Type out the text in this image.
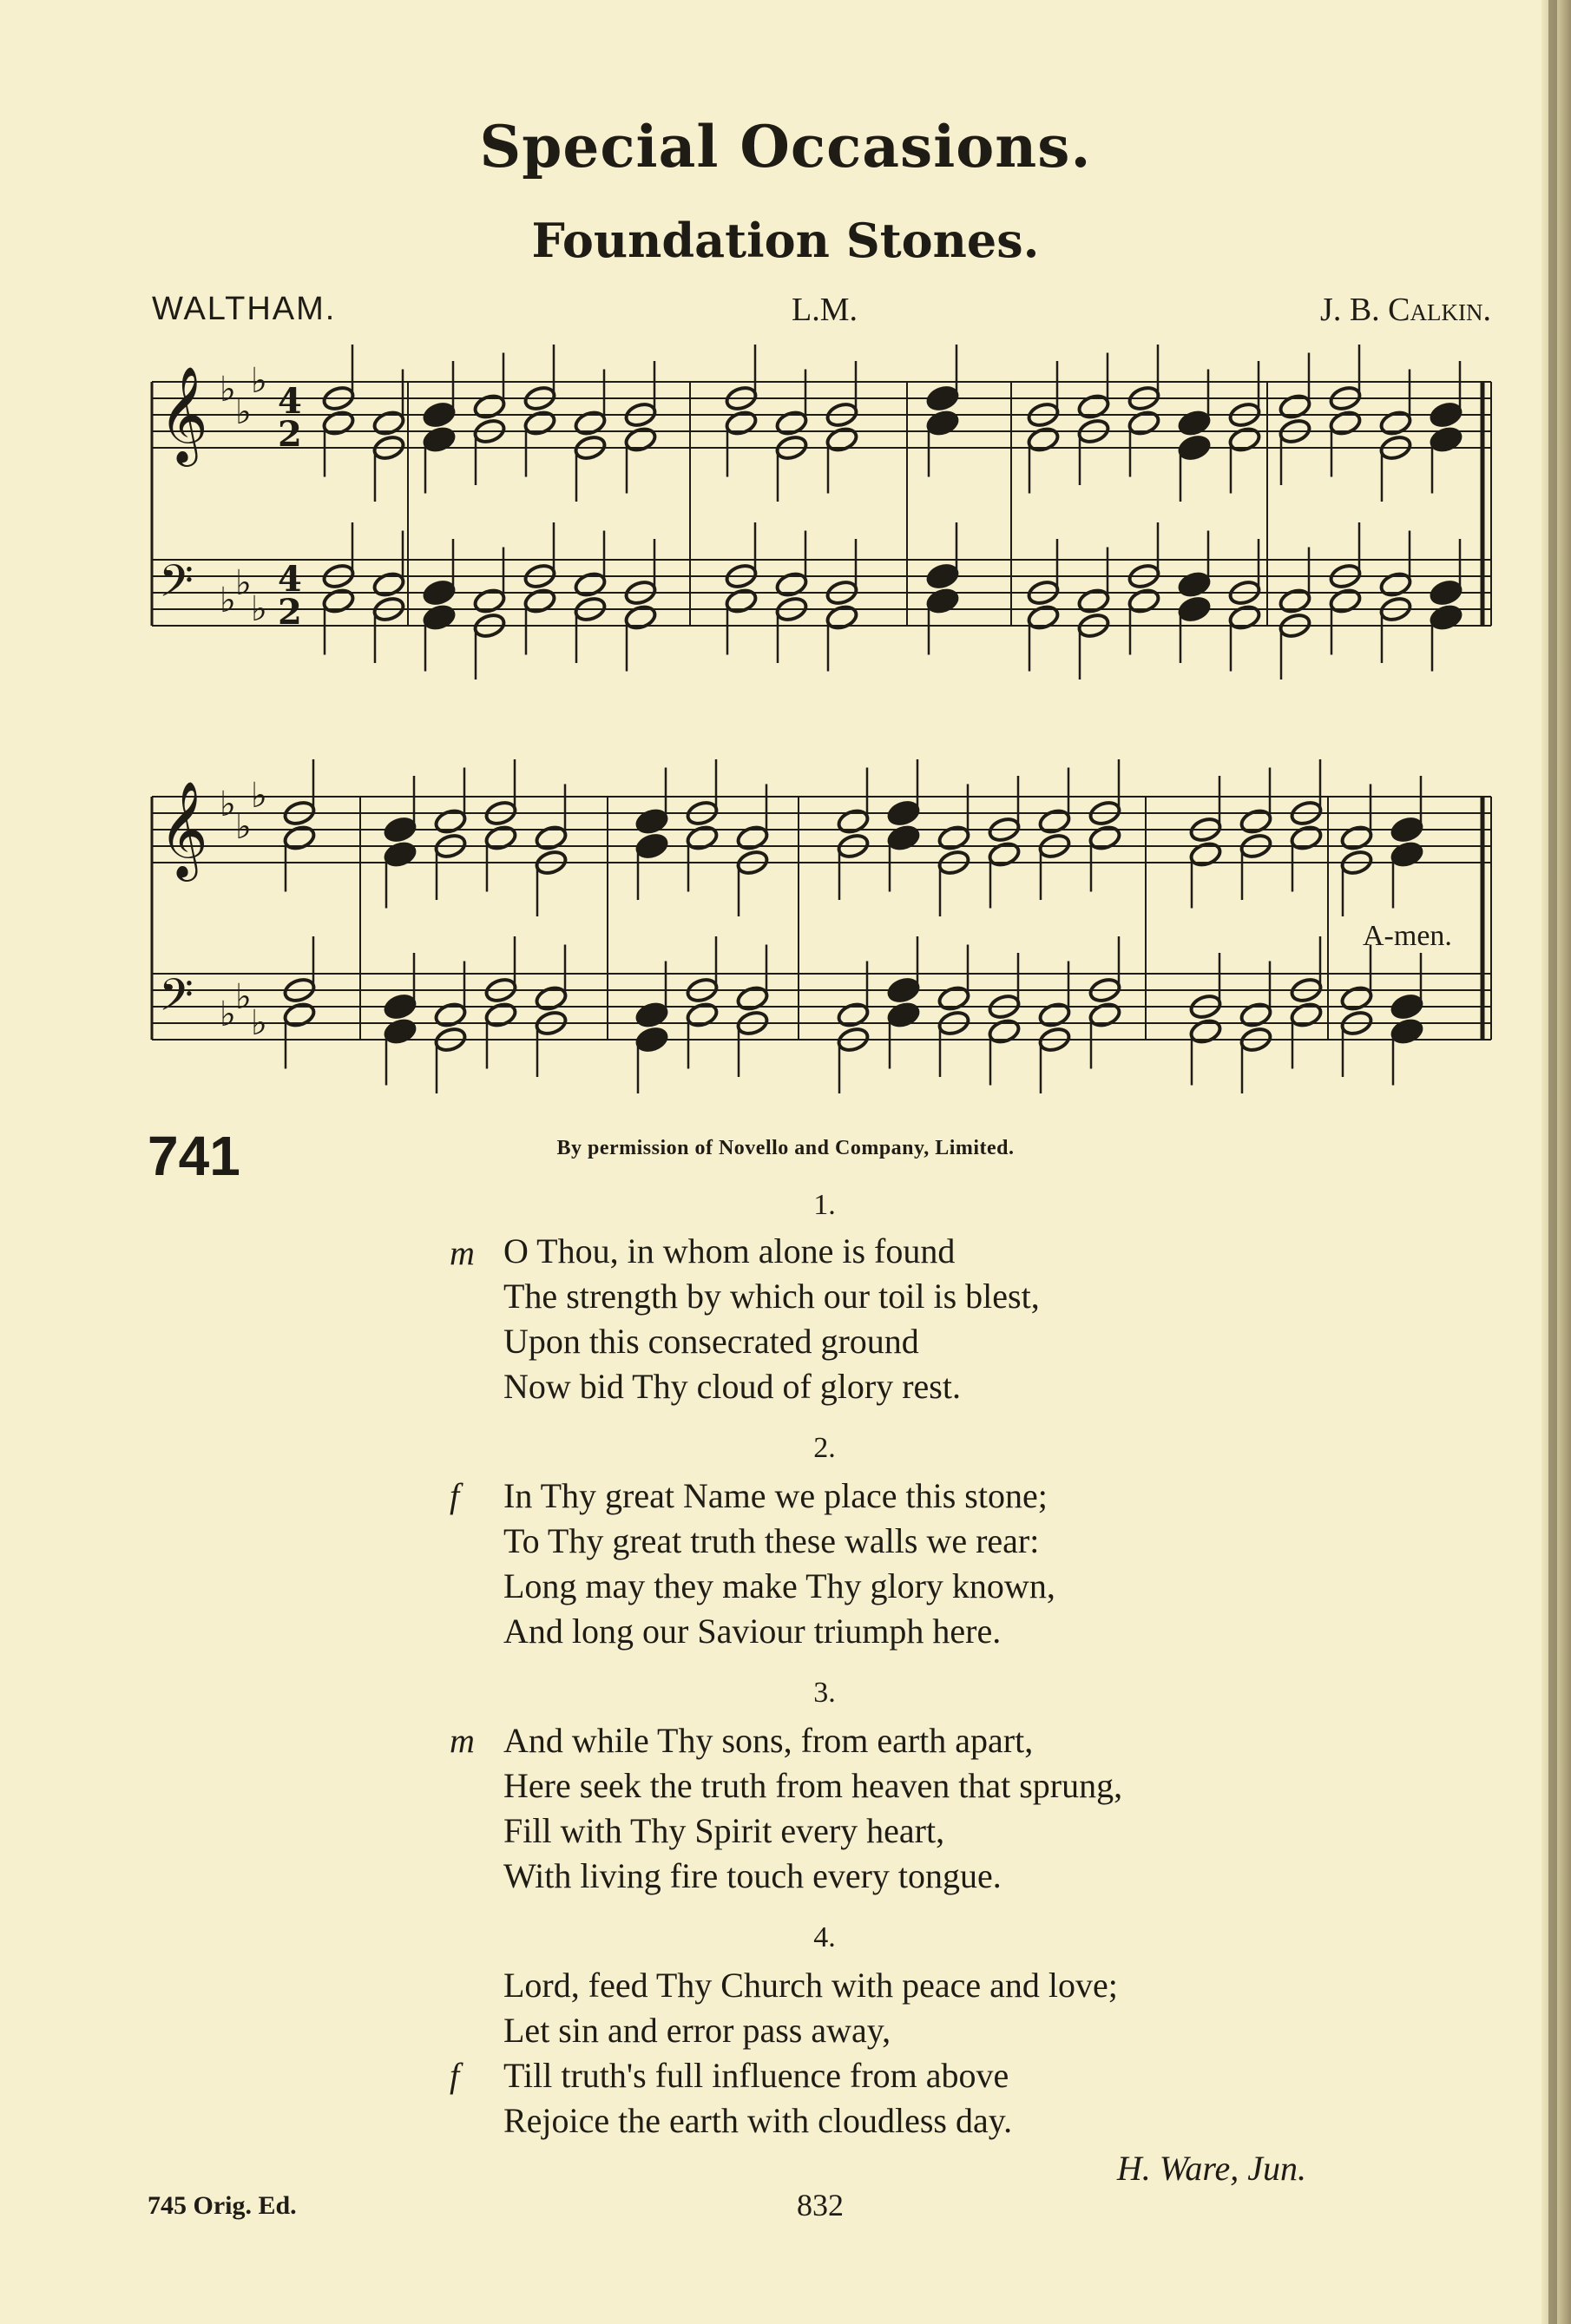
Special Occasions.
Foundation Stones.
WALTHAM.	L.M.	J. B. Calkin.
𝄞 ♭
♭
♭ 4
2
𝄢 ♭ ♭
♭
4
2
𝄞 ♭
♭
♭
𝄢 ♭ ♭
♭
A-men.
741	By permission of Novello and Company, Limited.
1.
m O Thou, in whom alone is found
The strength by which our toil is blest,
Upon this consecrated ground
Now bid Thy cloud of glory rest.
2.
f In Thy great Name we place this stone;
To Thy great truth these walls we rear:
Long may they make Thy glory known,
And long our Saviour triumph here.
3.
m And while Thy sons, from earth apart,
Here seek the truth from heaven that sprung,
Fill with Thy Spirit every heart,
With living fire touch every tongue.
4.
Lord, feed Thy Church with peace and love;
Let sin and error pass away,
f Till truth's full influence from above
Rejoice the earth with cloudless day.
H. Ware, Jun.
745 Orig. Ed.	832
